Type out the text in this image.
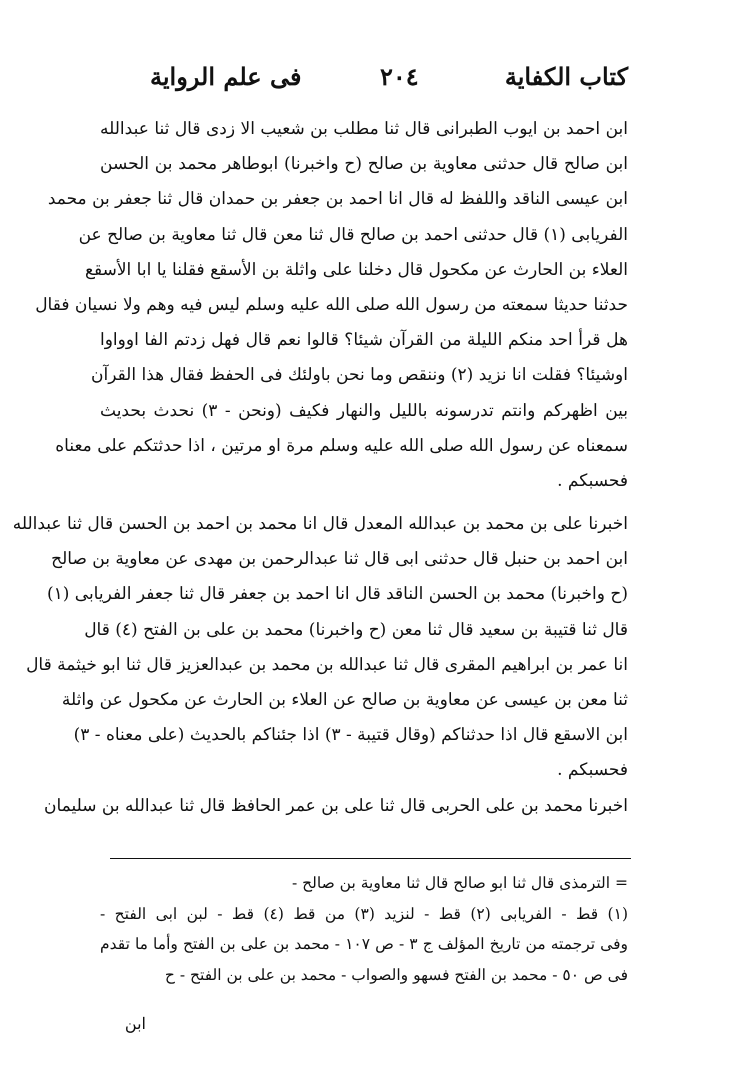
كتاب الكفاية
٢٠٤
فى علم الرواية
ابن احمد بن ايوب الطبرانى قال ثنا مطلب بن شعيب الا زدى قال ثنا عبدالله
ابن صالح قال حدثنى معاوية بن صالح (ح واخبرنا) ابوطاهر محمد بن الحسن
ابن عيسى الناقد واللفظ له قال انا احمد بن جعفر بن حمدان قال ثنا جعفر بن محمد
الفريابى (١) قال حدثنى احمد بن صالح قال ثنا معن قال ثنا معاوية بن صالح عن
العلاء بن الحارث عن مكحول قال دخلنا على واثلة بن الأسقع فقلنا يا ابا الأسقع
حدثنا حديثا سمعته من رسول الله صلى الله عليه وسلم ليس فيه وهم ولا نسيان فقال
هل قرأ احد منكم الليلة من القرآن شيئا؟ قالوا نعم قال فهل زدتم الفا اوواوا
اوشيئا؟ فقلت انا نزيد (٢) وننقص وما نحن باولئك فى الحفظ فقال هذا القرآن
بين اظهركم وانتم تدرسونه بالليل والنهار فكيف (ونحن - ٣) نحدث بحديث
سمعناه عن رسول الله صلى الله عليه وسلم مرة او مرتين ، اذا حدثتكم على معناه
فحسبكم .
اخبرنا على بن محمد بن عبدالله المعدل قال انا محمد بن احمد بن الحسن قال ثنا عبدالله
ابن احمد بن حنبل قال حدثنى ابى قال ثنا عبدالرحمن بن مهدى عن معاوية بن صالح
(ح واخبرنا) محمد بن الحسن الناقد قال انا احمد بن جعفر قال ثنا جعفر الفريابى (١)
قال ثنا قتيبة بن سعيد قال ثنا معن (ح واخبرنا) محمد بن على بن الفتح (٤) قال
انا عمر بن ابراهيم المقرى قال ثنا عبدالله بن محمد بن عبدالعزيز قال ثنا ابو خيثمة قال
ثنا معن بن عيسى عن معاوية بن صالح عن العلاء بن الحارث عن مكحول عن واثلة
ابن الاسقع قال اذا حدثناكم (وقال قتيبة - ٣) اذا جئناكم بالحديث (على معناه - ٣)
فحسبكم .
اخبرنا محمد بن على الحربى قال ثنا على بن عمر الحافظ قال ثنا عبدالله بن سليمان
= الترمذى قال ثنا ابو صالح قال ثنا معاوية بن صالح -
(١) قط - الفريابى (٢) قط - لنزيد (٣) من قط (٤) قط - لبن ابى الفتح -
وفى ترجمته من تاريخ المؤلف ج ٣ - ص ١٠٧ - محمد بن على بن الفتح وأما ما تقدم
فى ص ٥٠ - محمد بن الفتح فسهو والصواب - محمد بن على بن الفتح - ح
ابن
